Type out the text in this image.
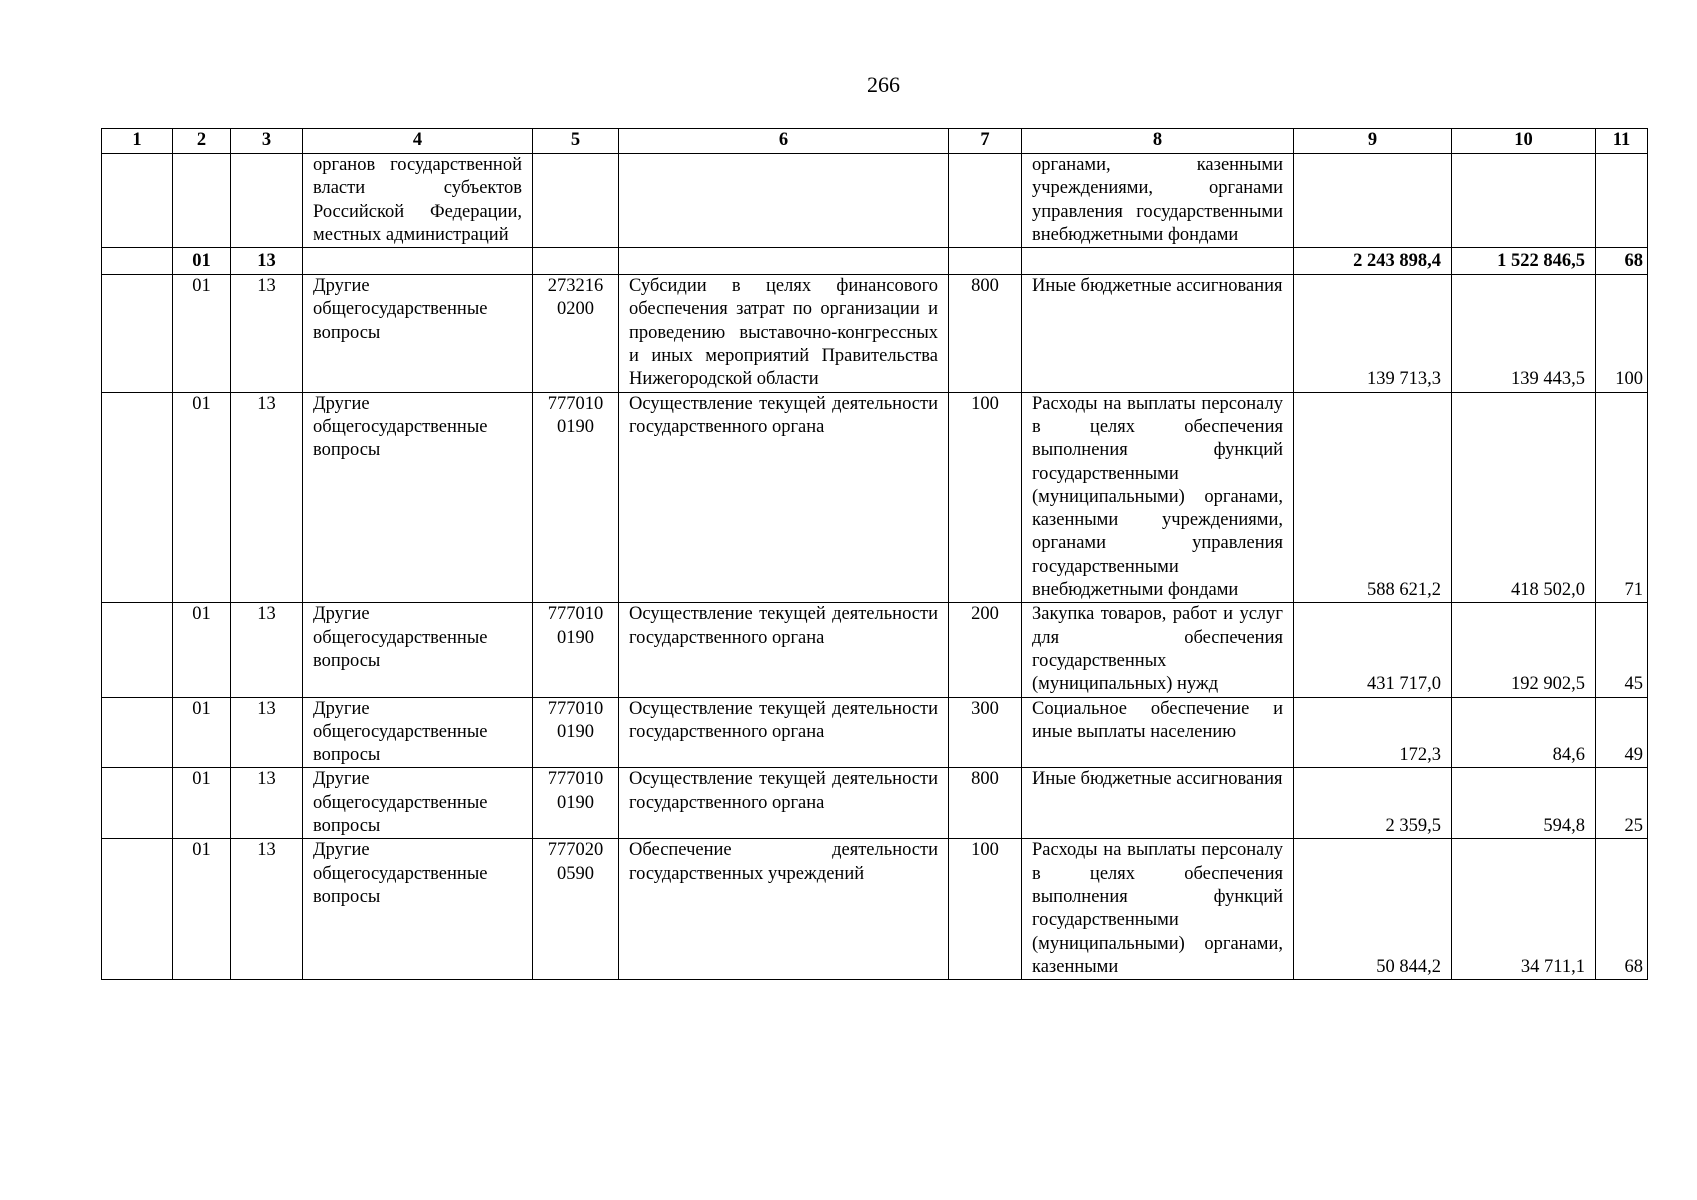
266
1	2	3	4	5	6	7	8	9	10	11
			органов государственной власти субъектов Российской Федерации, местных администраций				органами, казенными учреждениями, органами управления государственными внебюджетными фондами			
	01	13						2 243 898,4	1 522 846,5	68
	01	13	Другие общегосударственные вопросы	273216 0200	Субсидии в целях финансового обеспечения затрат по организации и проведению выставочно-конгрессных и иных мероприятий Правительства Нижегородской области	800	Иные бюджетные ассигнования	139 713,3	139 443,5	100
	01	13	Другие общегосударственные вопросы	777010 0190	Осуществление текущей деятельности государственного органа	100	Расходы на выплаты персоналу в целях обеспечения выполнения функций государственными (муниципальными) органами, казенными учреждениями, органами управления государственными внебюджетными фондами	588 621,2	418 502,0	71
	01	13	Другие общегосударственные вопросы	777010 0190	Осуществление текущей деятельности государственного органа	200	Закупка товаров, работ и услуг для обеспечения государственных (муниципальных) нужд	431 717,0	192 902,5	45
	01	13	Другие общегосударственные вопросы	777010 0190	Осуществление текущей деятельности государственного органа	300	Социальное обеспечение и иные выплаты населению	172,3	84,6	49
	01	13	Другие общегосударственные вопросы	777010 0190	Осуществление текущей деятельности государственного органа	800	Иные бюджетные ассигнования	2 359,5	594,8	25
	01	13	Другие общегосударственные вопросы	777020 0590	Обеспечение деятельности государственных учреждений	100	Расходы на выплаты персоналу в целях обеспечения выполнения функций государственными (муниципальными) органами, казенными	50 844,2	34 711,1	68
